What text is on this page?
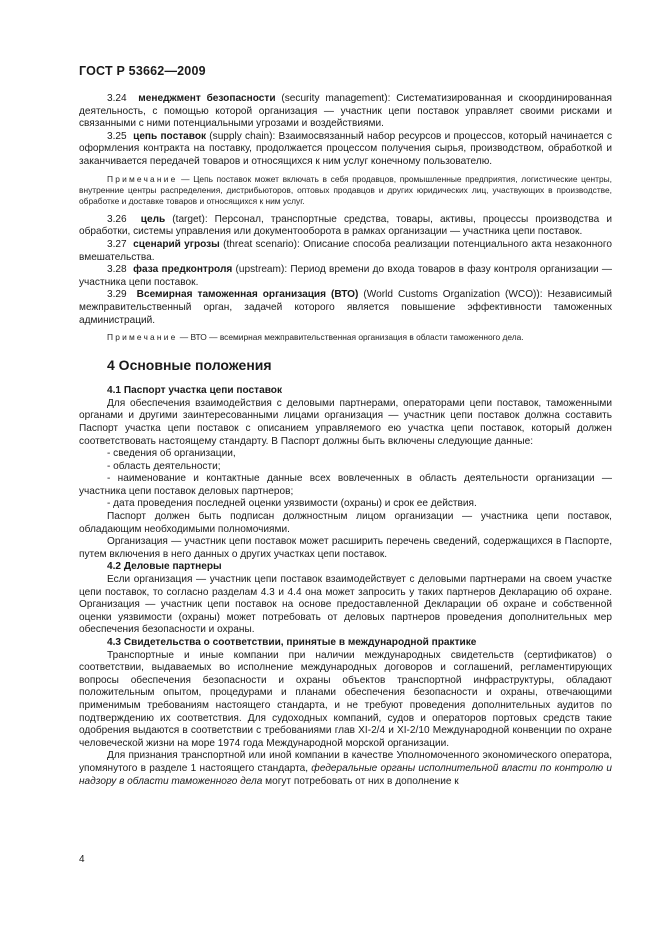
ГОСТ Р 53662—2009

3.24 менеджмент безопасности (security management): Систематизированная и скоординированная деятельность, с помощью которой организация — участник цепи поставок управляет своими рисками и связанными с ними потенциальными угрозами и воздействиями.

3.25 цепь поставок (supply chain): Взаимосвязанный набор ресурсов и процессов, который начинается с оформления контракта на поставку, продолжается процессом получения сырья, производством, обработкой и заканчивается передачей товаров и относящихся к ним услуг конечному пользователю.

Примечание — Цепь поставок может включать в себя продавцов, промышленные предприятия, логистические центры, внутренние центры распределения, дистрибьюторов, оптовых продавцов и других юридических лиц, участвующих в производстве, обработке и доставке товаров и относящихся к ним услуг.

3.26 цель (target): Персонал, транспортные средства, товары, активы, процессы производства и обработки, системы управления или документооборота в рамках организации — участника цепи поставок.

3.27 сценарий угрозы (threat scenario): Описание способа реализации потенциального акта незаконного вмешательства.

3.28 фаза предконтроля (upstream): Период времени до входа товаров в фазу контроля организации — участника цепи поставок.

3.29 Всемирная таможенная организация (ВТО) (World Customs Organization (WCO)): Независимый межправительственный орган, задачей которого является повышение эффективности таможенных администраций.

Примечание — ВТО — всемирная межправительственная организация в области таможенного дела.

4 Основные положения

4.1 Паспорт участка цепи поставок

Для обеспечения взаимодействия с деловыми партнерами, операторами цепи поставок, таможенными органами и другими заинтересованными лицами организация — участник цепи поставок должна составить Паспорт участка цепи поставок с описанием управляемого ею участка цепи поставок, который должен соответствовать настоящему стандарту. В Паспорт должны быть включены следующие данные:

- сведения об организации,

- область деятельности;

- наименование и контактные данные всех вовлеченных в область деятельности организации — участника цепи поставок деловых партнеров;

- дата проведения последней оценки уязвимости (охраны) и срок ее действия.

Паспорт должен быть подписан должностным лицом организации — участника цепи поставок, обладающим необходимыми полномочиями.

Организация — участник цепи поставок может расширить перечень сведений, содержащихся в Паспорте, путем включения в него данных о других участках цепи поставок.

4.2 Деловые партнеры

Если организация — участник цепи поставок взаимодействует с деловыми партнерами на своем участке цепи поставок, то согласно разделам 4.3 и 4.4 она может запросить у таких партнеров Декларацию об охране. Организация — участник цепи поставок на основе предоставленной Декларации об охране и собственной оценки уязвимости (охраны) может потребовать от деловых партнеров проведения дополнительных мер обеспечения безопасности и охраны.

4.3 Свидетельства о соответствии, принятые в международной практике

Транспортные и иные компании при наличии международных свидетельств (сертификатов) о соответствии, выдаваемых во исполнение международных договоров и соглашений, регламентирующих вопросы обеспечения безопасности и охраны объектов транспортной инфраструктуры, обладают положительным опытом, процедурами и планами обеспечения безопасности и охраны, отвечающими применимым требованиям настоящего стандарта, и не требуют проведения дополнительных аудитов по подтверждению их соответствия. Для судоходных компаний, судов и операторов портовых средств такие одобрения выдаются в соответствии с требованиями глав XI-2/4 и XI-2/10 Международной конвенции по охране человеческой жизни на море 1974 года Международной морской организации.

Для признания транспортной или иной компании в качестве Уполномоченного экономического оператора, упомянутого в разделе 1 настоящего стандарта, федеральные органы исполнительной власти по контролю и надзору в области таможенного дела могут потребовать от них в дополнение к

4
